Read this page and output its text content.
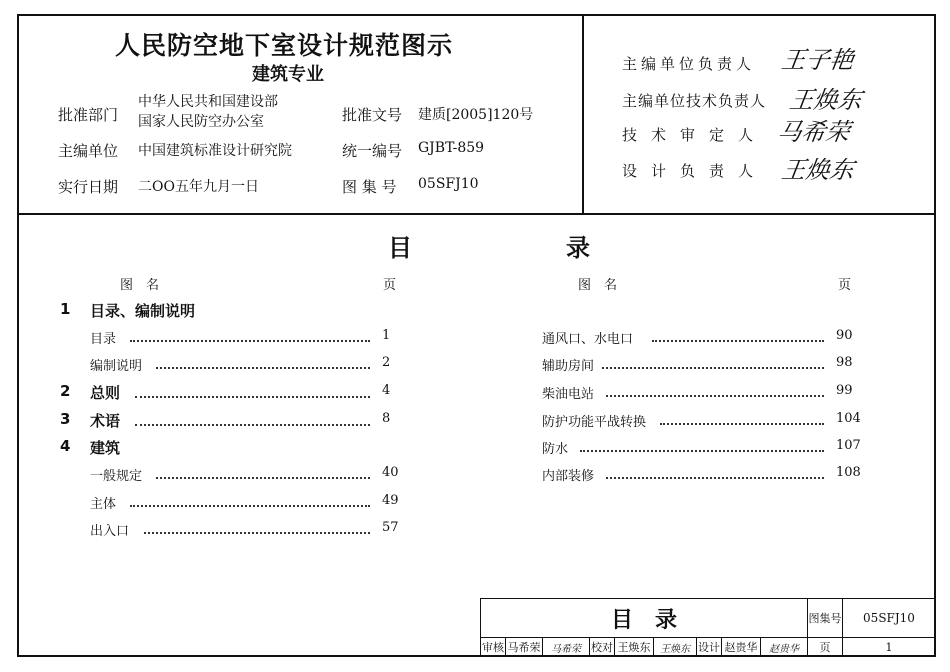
人民防空地下室设计规范图示
建筑专业
批准部门
中华人民共和国建设部
国家人民防空办公室	批准文号 建质[2005]120号
主编单位 中国建筑标准设计研究院	统一编号 GJBT-859
实行日期 二OO五年九月一日	图 集 号 05SFJ10
主编单位负责人 王子艳
主编单位技术负责人 王焕东
技术审定人 马希荣
设计负责人 王焕东
目	录
图　名	页	图　名	页
1 目录、编制说明
目录	1
编制说明	2
2 总则	4
3 术语	8
4 建筑
一般规定	40
主体	49
出入口	57
通风口、水电口	90
辅助房间	98
柴油电站	99
防护功能平战转换	104
防水	107
内部装修	108
目　录	图集号	05SFJ10
审核 马希荣	马希荣 校对 王焕东 王焕东 设计 赵贵华	赵贵华	页	1
